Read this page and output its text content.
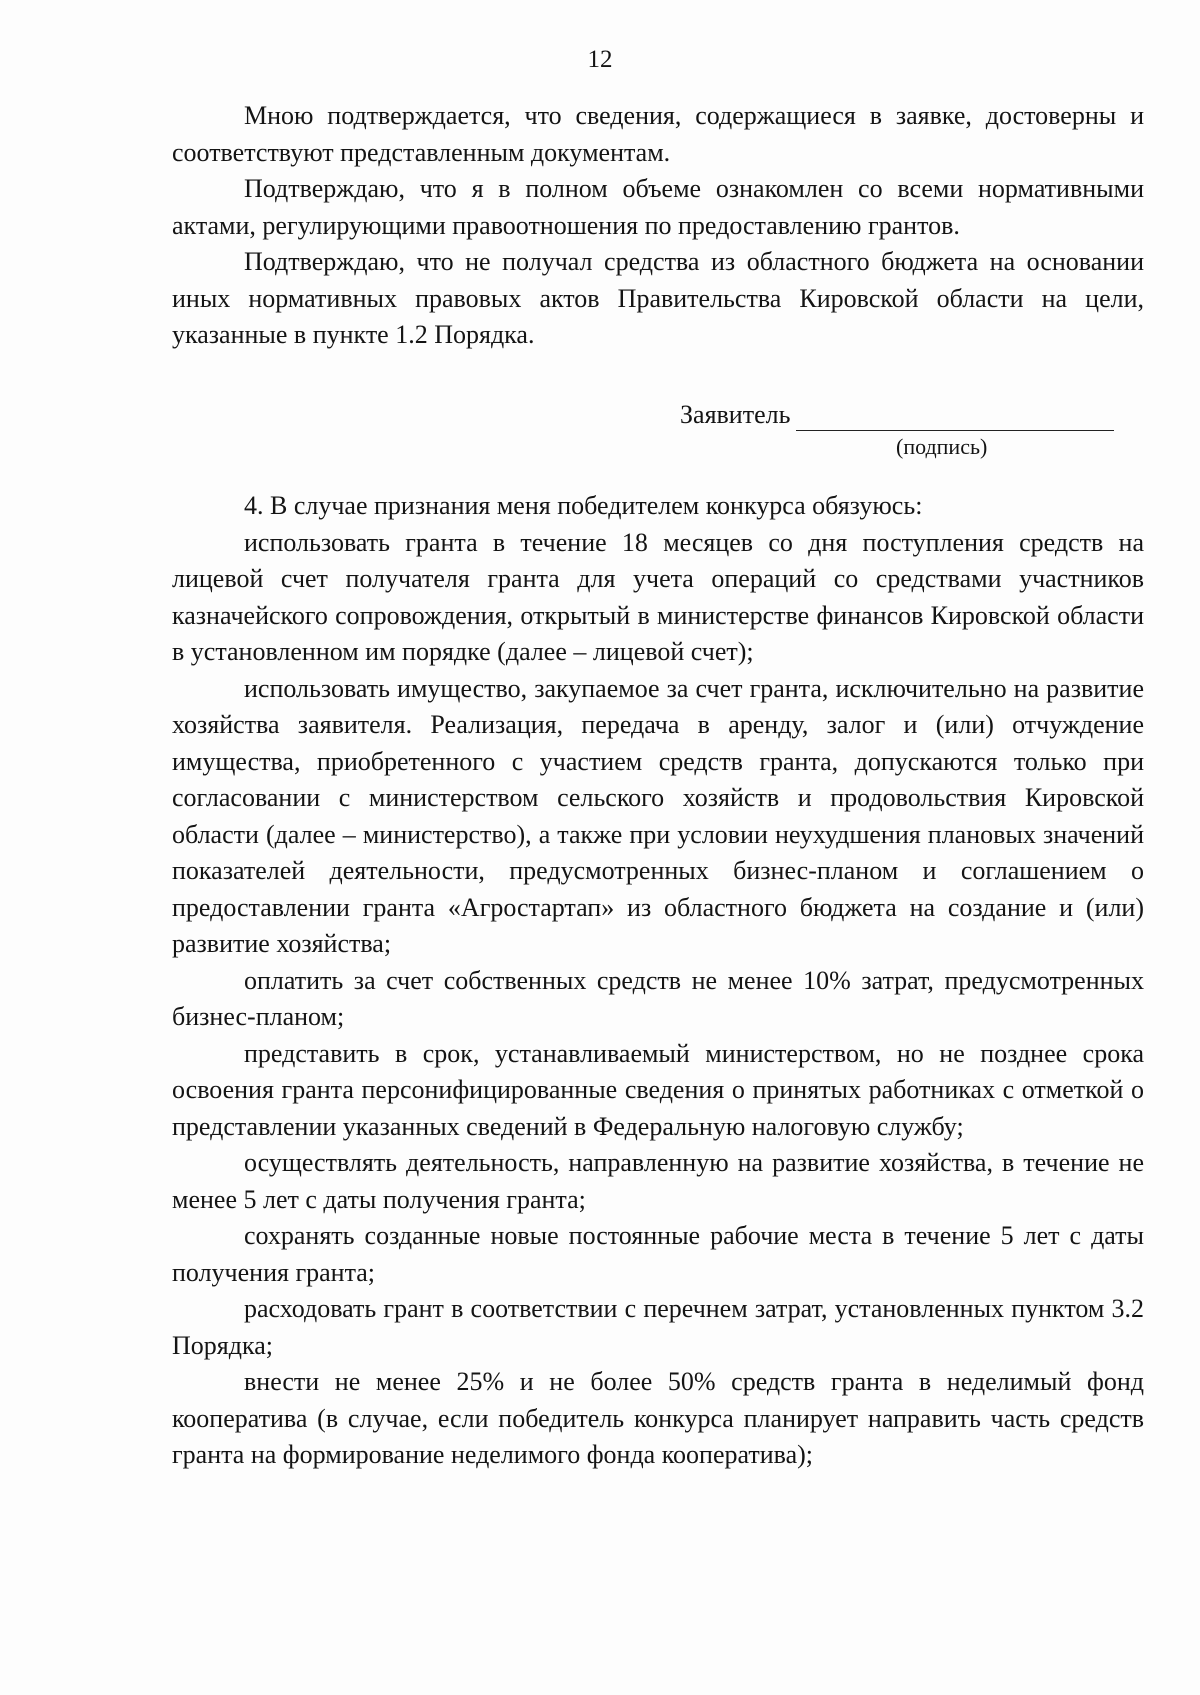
12

Мною подтверждается, что сведения, содержащиеся в заявке, достоверны и соответствуют представленным документам.

Подтверждаю, что я в полном объеме ознакомлен со всеми нормативными актами, регулирующими правоотношения по предоставлению грантов.

Подтверждаю, что не получал средства из областного бюджета на основании иных нормативных правовых актов Правительства Кировской области на цели, указанные в пункте 1.2 Порядка.

Заявитель
(подпись)

4. В случае признания меня победителем конкурса обязуюсь:

использовать гранта в течение 18 месяцев со дня поступления средств на лицевой счет получателя гранта для учета операций со средствами участников казначейского сопровождения, открытый в министерстве финансов Кировской области в установленном им порядке (далее – лицевой счет);

использовать имущество, закупаемое за счет гранта, исключительно на развитие хозяйства заявителя. Реализация, передача в аренду, залог и (или) отчуждение имущества, приобретенного с участием средств гранта, допускаются только при согласовании с министерством сельского хозяйств и продовольствия Кировской области (далее – министерство), а также при условии неухудшения плановых значений показателей деятельности, предусмотренных бизнес-планом и соглашением о предоставлении гранта «Агростартап» из областного бюджета на создание и (или) развитие хозяйства;

оплатить за счет собственных средств не менее 10% затрат, предусмотренных бизнес-планом;

представить в срок, устанавливаемый министерством, но не позднее срока освоения гранта персонифицированные сведения о принятых работниках с отметкой о представлении указанных сведений в Федеральную налоговую службу;

осуществлять деятельность, направленную на развитие хозяйства, в течение не менее 5 лет с даты получения гранта;

сохранять созданные новые постоянные рабочие места в течение 5 лет с даты получения гранта;

расходовать грант в соответствии с перечнем затрат, установленных пунктом 3.2 Порядка;

внести не менее 25% и не более 50% средств гранта в неделимый фонд кооператива (в случае, если победитель конкурса планирует направить часть средств гранта на формирование неделимого фонда кооператива);
